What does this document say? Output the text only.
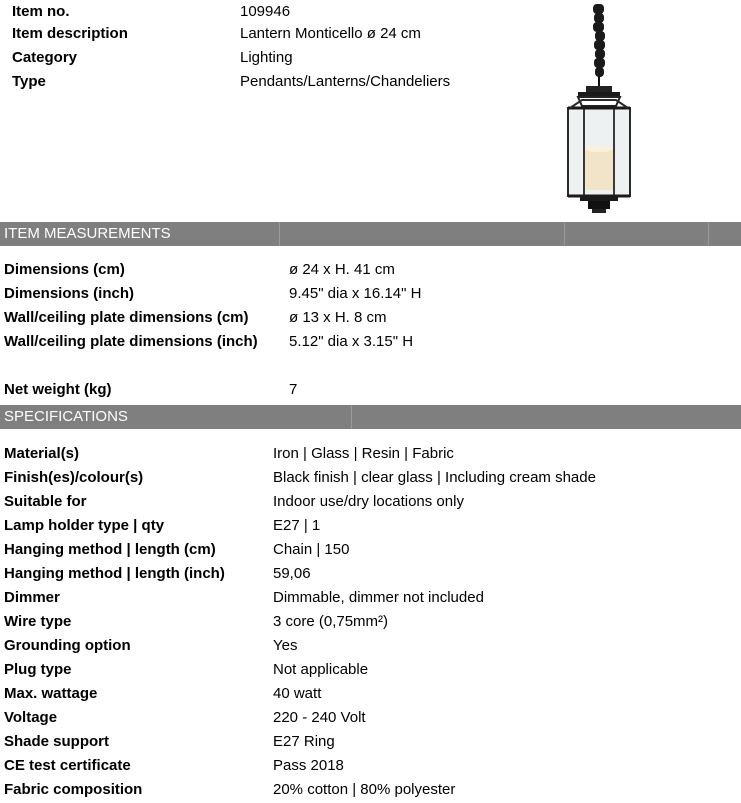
Item no.	109946
Item description	Lantern Monticello ø 24 cm
Category	Lighting
Type	Pendants/Lanterns/Chandeliers
ITEM MEASUREMENTS
Dimensions (cm)	ø 24 x H. 41 cm
Dimensions (inch)	9.45" dia x 16.14" H
Wall/ceiling plate dimensions (cm)	ø 13 x H. 8 cm
Wall/ceiling plate dimensions (inch) 5.12" dia x 3.15" H
Net weight (kg)	7
SPECIFICATIONS
Material(s)	Iron | Glass | Resin | Fabric
Finish(es)/colour(s)	Black finish | clear glass | Including cream shade
Suitable for	Indoor use/dry locations only
Lamp holder type | qty	E27 | 1
Hanging method | length (cm)	Chain | 150
Hanging method | length (inch)	59,06
Dimmer	Dimmable, dimmer not included
Wire type	3 core (0,75mm²)
Grounding option	Yes
Plug type	Not applicable
Max. wattage	40 watt
Voltage	220 - 240 Volt
Shade support	E27 Ring
CE test certificate	Pass 2018
Fabric composition	20% cotton | 80% polyester
